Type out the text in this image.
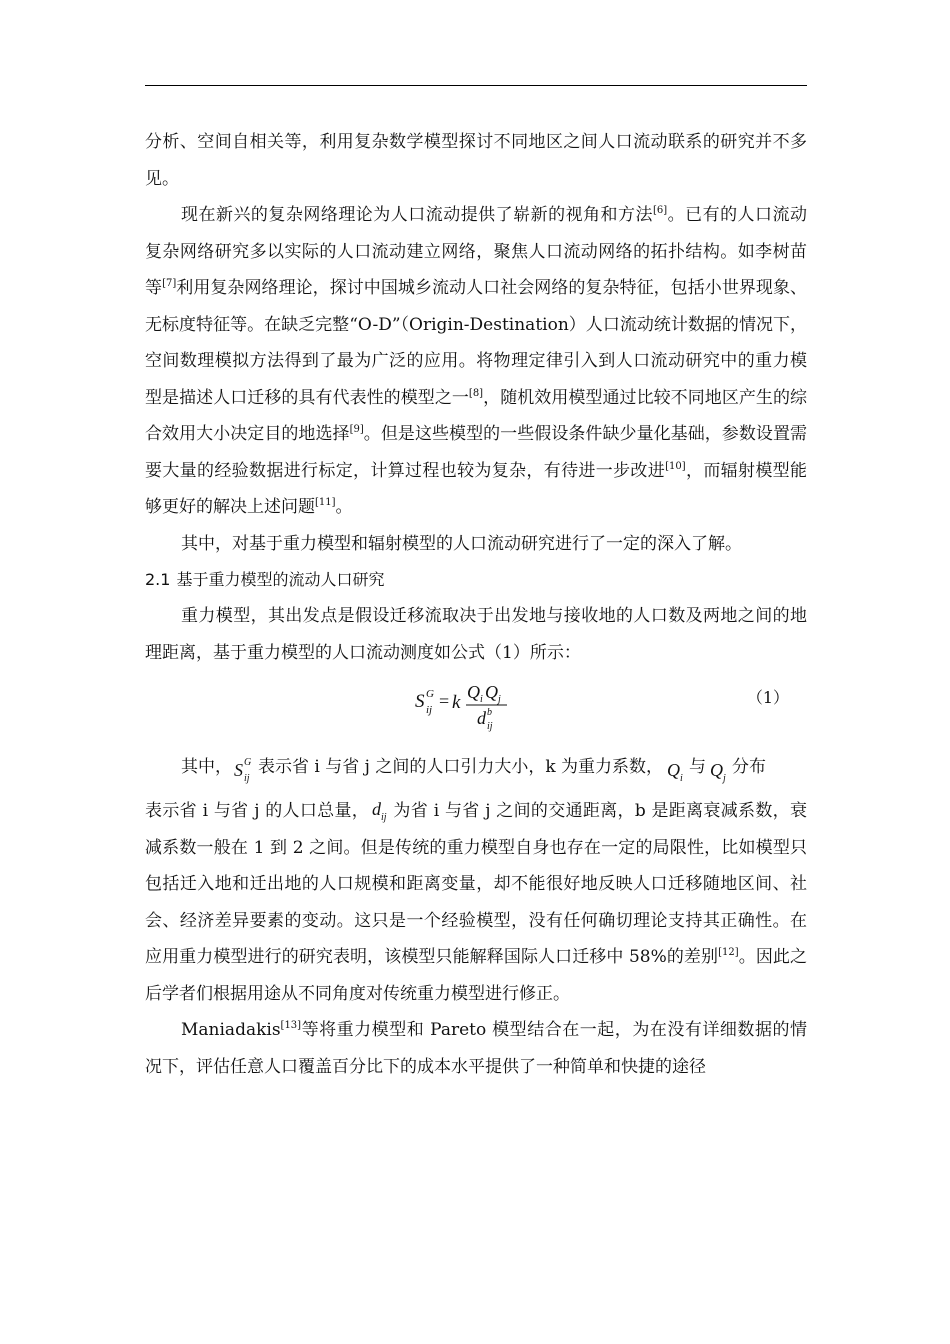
分析、空间自相关等，利用复杂数学模型探讨不同地区之间人口流动联系的研究并不多见。

现在新兴的复杂网络理论为人口流动提供了崭新的视角和方法[6]。已有的人口流动复杂网络研究多以实际的人口流动建立网络，聚焦人口流动网络的拓扑结构。如李树苗等[7]利用复杂网络理论，探讨中国城乡流动人口社会网络的复杂特征，包括小世界现象、无标度特征等。在缺乏完整“O-D”（Origin-Destination）人口流动统计数据的情况下，空间数理模拟方法得到了最为广泛的应用。将物理定律引入到人口流动研究中的重力模型是描述人口迁移的具有代表性的模型之一[8]，随机效用模型通过比较不同地区产生的综合效用大小决定目的地选择[9]。但是这些模型的一些假设条件缺少量化基础，参数设置需要大量的经验数据进行标定，计算过程也较为复杂，有待进一步改进[10]，而辐射模型能够更好的解决上述问题[11]。

其中，对基于重力模型和辐射模型的人口流动研究进行了一定的深入了解。

2.1 基于重力模型的流动人口研究

重力模型，其出发点是假设迁移流取决于出发地与接收地的人口数及两地之间的地理距离，基于重力模型的人口流动测度如公式（1）所示：

S G
ij = k Q i Q j
d b
ij
（1）

其中， S G
ij
表示省 i 与省 j 之间的人口引力大小，k 为重力系数， Q i
与 Q j
分布

表示省 i 与省 j 的人口总量， d ij 为省 i 与省 j 之间的交通距离，b 是距离衰减系数，衰减系数一般在 1 到 2 之间。但是传统的重力模型自身也存在一定的局限性，比如模型只包括迁入地和迁出地的人口规模和距离变量，却不能很好地反映人口迁移随地区间、社会、经济差异要素的变动。这只是一个经验模型，没有任何确切理论支持其正确性。在应用重力模型进行的研究表明，该模型只能解释国际人口迁移中 58%的差别[12]。因此之后学者们根据用途从不同角度对传统重力模型进行修正。

Maniadakis[13]等将重力模型和 Pareto 模型结合在一起，为在没有详细数据的情况下，评估任意人口覆盖百分比下的成本水平提供了一种简单和快捷的途径
